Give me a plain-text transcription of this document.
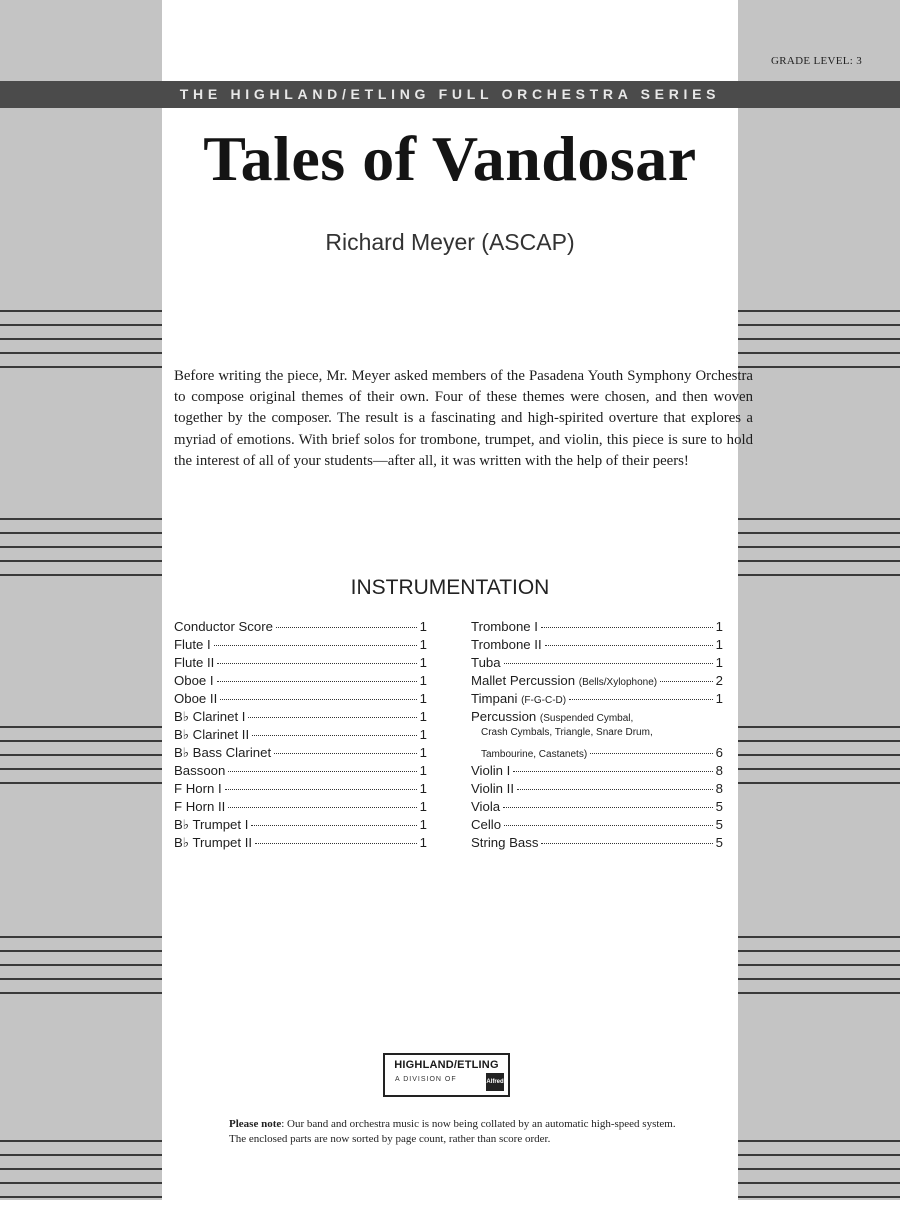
GRADE LEVEL: 3
THE HIGHLAND/ETLING FULL ORCHESTRA SERIES
Tales of Vandosar
Richard Meyer (ASCAP)
Before writing the piece, Mr. Meyer asked members of the Pasadena Youth Symphony Orchestra to compose original themes of their own. Four of these themes were chosen, and then woven together by the composer. The result is a fascinating and high-spirited overture that explores a myriad of emotions. With brief solos for trombone, trumpet, and violin, this piece is sure to hold the interest of all of your students—after all, it was written with the help of their peers!
INSTRUMENTATION
Conductor Score	1
Flute I	1
Flute II	1
Oboe I	1
Oboe II	1
B♭ Clarinet I	1
B♭ Clarinet II	1
B♭ Bass Clarinet	1
Bassoon	1
F Horn I	1
F Horn II	1
B♭ Trumpet I	1
B♭ Trumpet II	1
Trombone I	1
Trombone II	1
Tuba	1
Mallet Percussion
(Bells/Xylophone)	2
Timpani
(F-G-C-D)	1
Percussion
(Suspended Cymbal,
Crash Cymbals, Triangle, Snare Drum,
Tambourine, Castanets)	6
Violin I	8
Violin II	8
Viola	5
Cello	5
String Bass	5
HIGHLAND/ETLING
A DIVISION OF	Alfred
Please note: Our band and orchestra music is now being collated by an automatic high-speed system. The enclosed parts are now sorted by page count, rather than score order.
